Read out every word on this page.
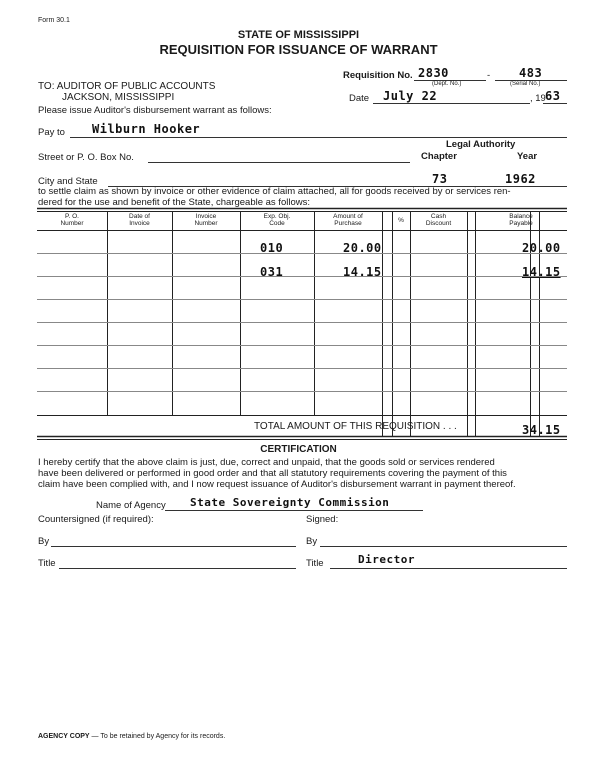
Form 30.1
STATE OF MISSISSIPPI
REQUISITION FOR ISSUANCE OF WARRANT
Requisition No. 2830	- 483
(Dept. No.)	(Serial No.)
TO: AUDITOR OF PUBLIC ACCOUNTS
JACKSON, MISSISSIPPI
Please issue Auditor's disbursement warrant as follows:
Date July 22	, 19 63
Pay to Wilburn Hooker
Legal Authority
Chapter	Year
Street or P. O. Box No.
City and State	73	1962
to settle claim as shown by invoice or other evidence of claim attached, all for goods received by or services ren-
dered for the use and benefit of the State, chargeable as follows:
P. O.
Number
Date of
Invoice
Invoice
Number
Exp. Obj.
Code
Amount of
Purchase	%
Cash
Discount
Balance
Payable
010	20.00	20.00
031	14.15	14.15
TOTAL AMOUNT OF THIS REQUISITION . . .	34.15
CERTIFICATION
I hereby certify that the above claim is just, due, correct and unpaid, that the goods sold or services rendered
have been delivered or performed in good order and that all statutory requirements covering the payment of this
claim have been complied with, and I now request issuance of Auditor's disbursement warrant in payment thereof.
Name of Agency State Sovereignty Commission
Countersigned (if required):	Signed:
By	By
Title	Title	Director
AGENCY COPY — To be retained by Agency for its records.
